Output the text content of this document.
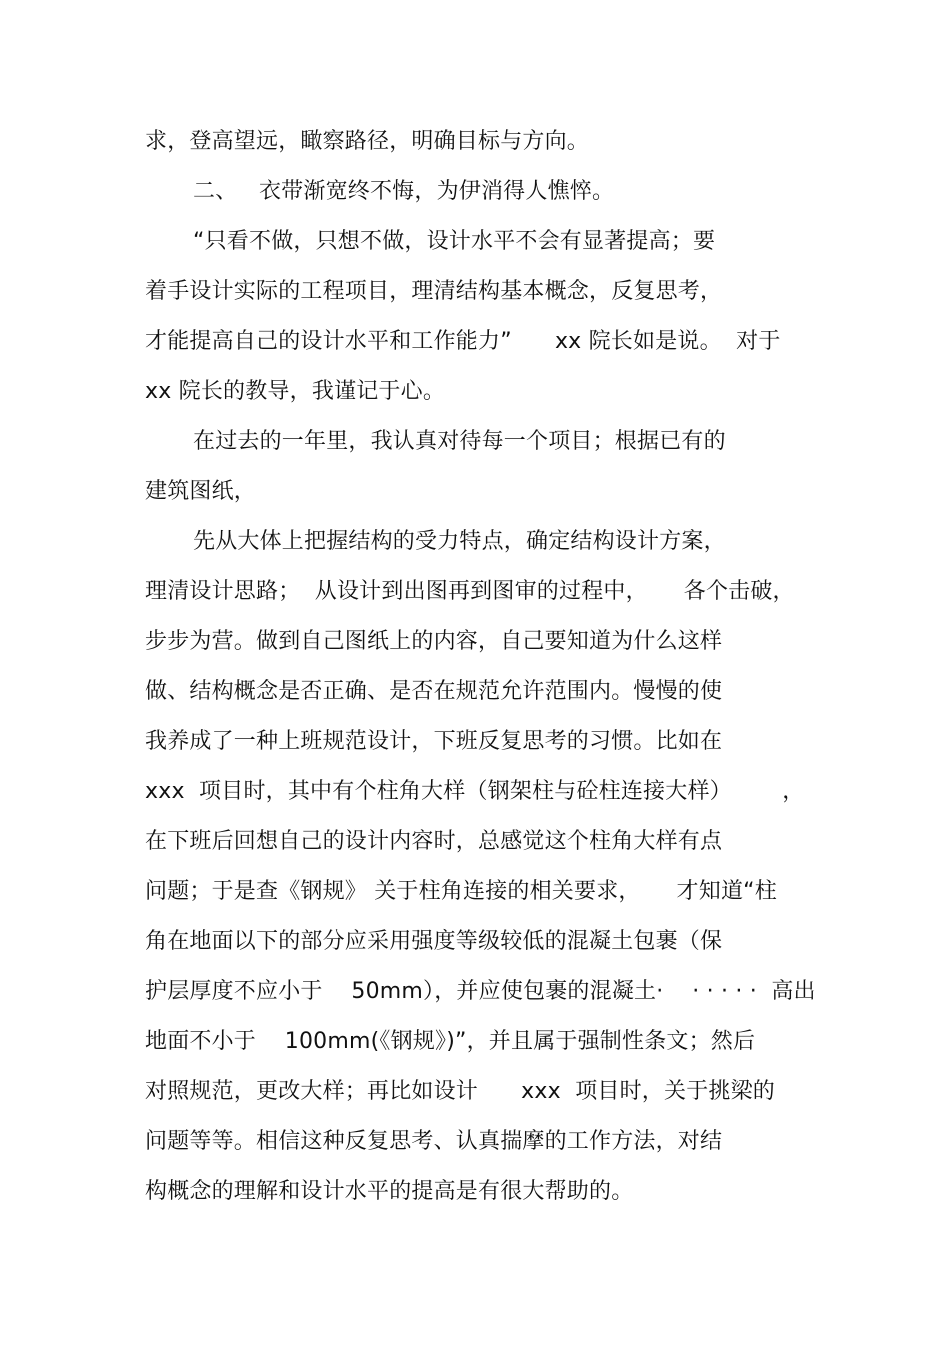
求，登高望远，瞰察路径，明确目标与方向。
二、   衣带渐宽终不悔，为伊消得人憔悴。
“只看不做，只想不做，设计水平不会有显著提高；要
着手设计实际的工程项目，理清结构基本概念，反复思考，
才能提高自己的设计水平和工作能力”      xx 院长如是说。  对于
xx 院长的教导，我谨记于心。
在过去的一年里，我认真对待每一个项目；根据已有的
建筑图纸，
先从大体上把握结构的受力特点，确定结构设计方案，
理清设计思路；  从设计到出图再到图审的过程中，     各个击破，
步步为营。做到自己图纸上的内容，自己要知道为什么这样
做、结构概念是否正确、是否在规范允许范围内。慢慢的使
我养成了一种上班规范设计，下班反复思考的习惯。比如在
xxx  项目时，其中有个柱角大样（钢架柱与砼柱连接大样）       ，
在下班后回想自己的设计内容时，总感觉这个柱角大样有点
问题；于是查《钢规》 关于柱角连接的相关要求，     才知道“柱
角在地面以下的部分应采用强度等级较低的混凝土包裹（保
护层厚度不应小于    50mm），并应使包裹的混凝土·    · · · · ·  高出
地面不小于    100mm(《钢规》)”，并且属于强制性条文；然后
对照规范，更改大样；再比如设计      xxx  项目时，关于挑梁的
问题等等。相信这种反复思考、认真揣摩的工作方法，对结
构概念的理解和设计水平的提高是有很大帮助的。
